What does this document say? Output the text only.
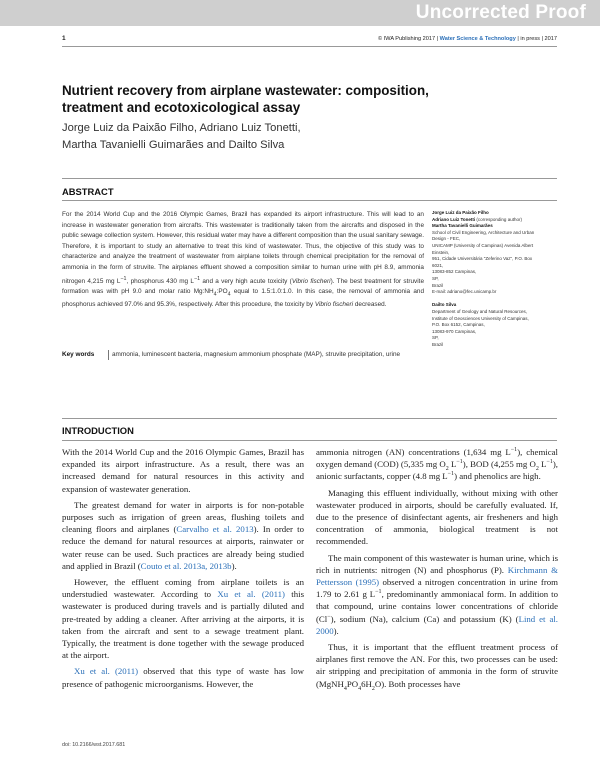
Uncorrected Proof
1	© IWA Publishing 2017 | Water Science & Technology | in press | 2017
Nutrient recovery from airplane wastewater: composition, treatment and ecotoxicological assay
Jorge Luiz da Paixão Filho, Adriano Luiz Tonetti,
Martha Tavanielli Guimarães and Dailto Silva
ABSTRACT

For the 2014 World Cup and the 2016 Olympic Games, Brazil has expanded its airport infrastructure. This will lead to an increase in wastewater generation from aircrafts. This wastewater is traditionally taken from the aircrafts and disposed in the public sewage collection system. However, this residual water may have a different composition than the usual sanitary sewage. Therefore, it is important to study an alternative to treat this kind of wastewater. Thus, the objective of this study was to characterize and analyze the treatment of wastewater from airplane toilets through chemical precipitation for the removal of ammonia in the form of struvite. The airplanes effluent showed a composition similar to human urine with pH 8.9, ammonia nitrogen 4,215 mg $L^{-1}$, phosphorus 430 mg $L^{-1}$ and a very high acute toxicity (Vibrio fischeri). The best treatment for struvite formation was with pH 9.0 and molar ratio $Mg:NH_4:PO_4$ equal to 1.5:1.0:1.0. In this case, the removal of ammonia and phosphorus achieved 97.0% and 95.3%, respectively. After this procedure, the toxicity by Vibrio fischeri decreased.

Key words	ammonia, luminescent bacteria, magnesium ammonium phosphate (MAP), struvite precipitation, urine
Jorge Luiz da Paixão Filho
Adriano Luiz Tonetti (corresponding author)
Martha Tavanielli Guimarães
School of Civil Engineering, Architecture and Urban
Design - FEC,
UNICAMP (University of Campinas) Avenida Albert
Einstein,
951, Cidade Universitária "Zeferino Vaz", P.O. Box
6021,
13083-852 Campinas,
SP,
Brazil
E-mail: adriano@fec.unicamp.br
Dailto Silva
Department of Geology and Natural Resources,
Institute of Geosciences University of Campinas,
P.O. Box 6152, Campinas,
13083-970 Campinas,
SP,
Brazil
INTRODUCTION

With the 2014 World Cup and the 2016 Olympic Games, Brazil has expanded its airport infrastructure. As a result, there was an increased demand for natural resources in this activity and expansion of wastewater generation.

The greatest demand for water in airports is for non-potable purposes such as irrigation of green areas, flushing toilets and cleaning floors and airplanes (Carvalho et al. 2013). In order to reduce the demand for natural resources at airports, rainwater or water reuse can be used. Such practices are already being studied and applied in Brazil (Couto et al. 2013a, 2013b).

However, the effluent coming from airplane toilets is an understudied wastewater. According to Xu et al. (2011) this wastewater is produced during travels and is partially diluted and pre-treated by adding a cleaner. After arriving at the airports, it is taken from the aircraft and sent to a sewage treatment plant. Typically, the treatment is done together with the sewage produced at the airport.

Xu et al. (2011) observed that this type of waste has low presence of pathogenic microorganisms. However, the

ammonia nitrogen (AN) concentrations (1,634 mg $L^{-1}$), chemical oxygen demand (COD) (5,335 mg $O_2$ $L^{-1}$), BOD (4,255 mg $O_2$ $L^{-1}$), anionic surfactants, copper (4.8 mg $L^{-1}$) and phenolics are high.

Managing this effluent individually, without mixing with other wastewater produced in airports, should be carefully evaluated. If, due to the presence of disinfectant agents, air fresheners and high concentration of ammonia, biological treatment is not recommended.

The main component of this wastewater is human urine, which is rich in nutrients: nitrogen (N) and phosphorus (P). Kirchmann & Pettersson (1995) observed a nitrogen concentration in urine from 1.79 to 2.61 g $L^{-1}$, predominantly ammoniacal form. In addition to that compound, urine contains lower concentrations of chloride (Cl−), sodium (Na), calcium (Ca) and potassium (K) (Lind et al. 2000).

Thus, it is important that the effluent treatment process of airplanes first remove the AN. For this, two processes can be used: air stripping and precipitation of ammonia in the form of struvite $(MgNH_4PO_46H_2O)$. Both processes have

doi: 10.2166/wst.2017.681
